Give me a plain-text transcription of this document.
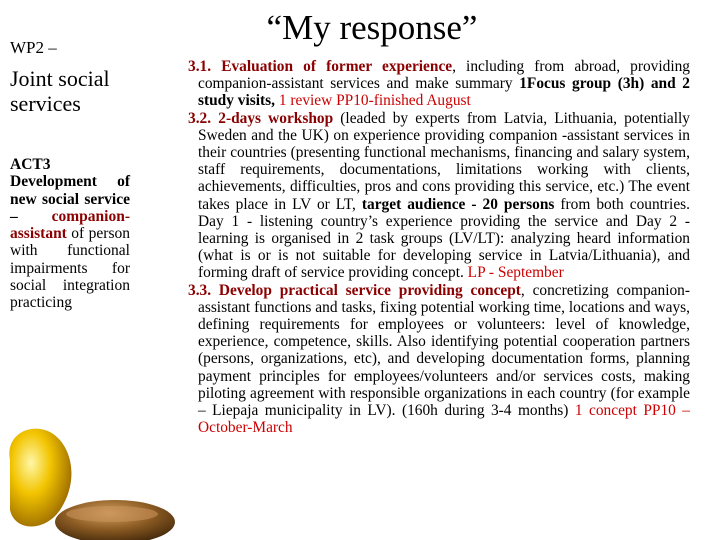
WP2 –

Joint social services

ACT3 Development of new social service – companion-assistant of person with functional impairments for social integration practicing

“My response”

3.1. Evaluation of former experience, including from abroad, providing companion-assistant services and make summary 1Focus group (3h) and 2 study visits, 1 review PP10-finished August

3.2. 2-days workshop (leaded by experts from Latvia, Lithuania, potentially Sweden and the UK) on experience providing companion -assistant services in their countries (presenting functional mechanisms, financing and salary system, staff requirements, documentations, limitations working with clients, achievements, difficulties, pros and cons providing this service, etc.) The event takes place in LV or LT, target audience - 20 persons from both countries. Day 1 - listening country’s experience providing the service and Day 2 - learning is organised in 2 task groups (LV/LT): analyzing heard information (what is or is not suitable for developing service in Latvia/Lithuania), and forming draft of service providing concept. LP - September

3.3. Develop practical service providing concept, concretizing companion-assistant functions and tasks, fixing potential working time, locations and ways, defining requirements for employees or volunteers: level of knowledge, experience, competence, skills. Also identifying potential cooperation partners (persons, organizations, etc), and developing documentation forms, planning payment principles for employees/volunteers and/or services costs, making piloting agreement with responsible organizations in each country (for example – Liepaja municipality in LV). (160h during 3-4 months) 1 concept PP10 – October-March
